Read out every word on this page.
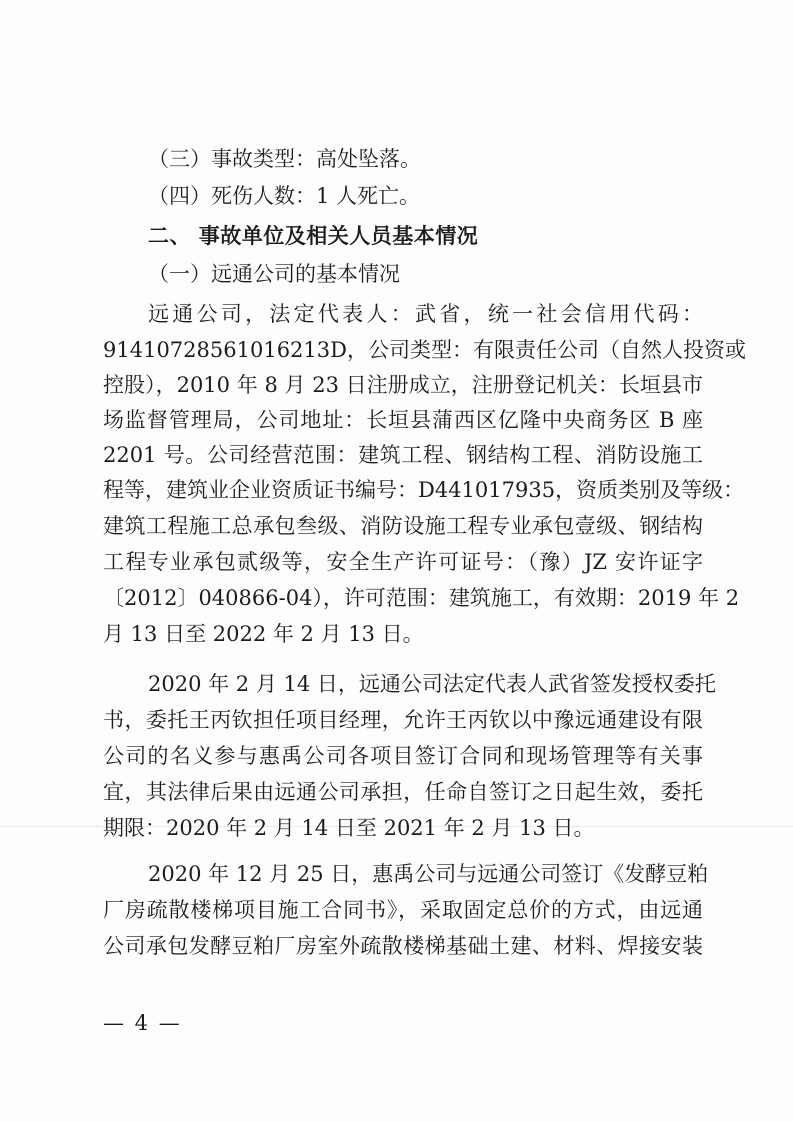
（三）事故类型：高处坠落。
（四）死伤人数：1 人死亡。
二、 事故单位及相关人员基本情况
（一）远通公司的基本情况
远通公司，法定代表人：武省，统一社会信用代码：
91410728561016213D，公司类型：有限责任公司（自然人投资或
控股），2010 年 8 月 23 日注册成立，注册登记机关：长垣县市
场监督管理局，公司地址：长垣县蒲西区亿隆中央商务区 B 座
2201 号。公司经营范围：建筑工程、钢结构工程、消防设施工
程等，建筑业企业资质证书编号：D441017935，资质类别及等级：
建筑工程施工总承包叁级、消防设施工程专业承包壹级、钢结构
工程专业承包贰级等，安全生产许可证号：（豫）JZ 安许证字
〔2012〕040866-04），许可范围：建筑施工，有效期：2019 年 2
月 13 日至 2022 年 2 月 13 日。
2020 年 2 月 14 日，远通公司法定代表人武省签发授权委托
书，委托王丙钦担任项目经理，允许王丙钦以中豫远通建设有限
公司的名义参与惠禹公司各项目签订合同和现场管理等有关事
宜，其法律后果由远通公司承担，任命自签订之日起生效，委托
期限：2020 年 2 月 14 日至 2021 年 2 月 13 日。
2020 年 12 月 25 日，惠禹公司与远通公司签订《发酵豆粕
厂房疏散楼梯项目施工合同书》，采取固定总价的方式，由远通
公司承包发酵豆粕厂房室外疏散楼梯基础土建、材料、焊接安装
— 4 —
